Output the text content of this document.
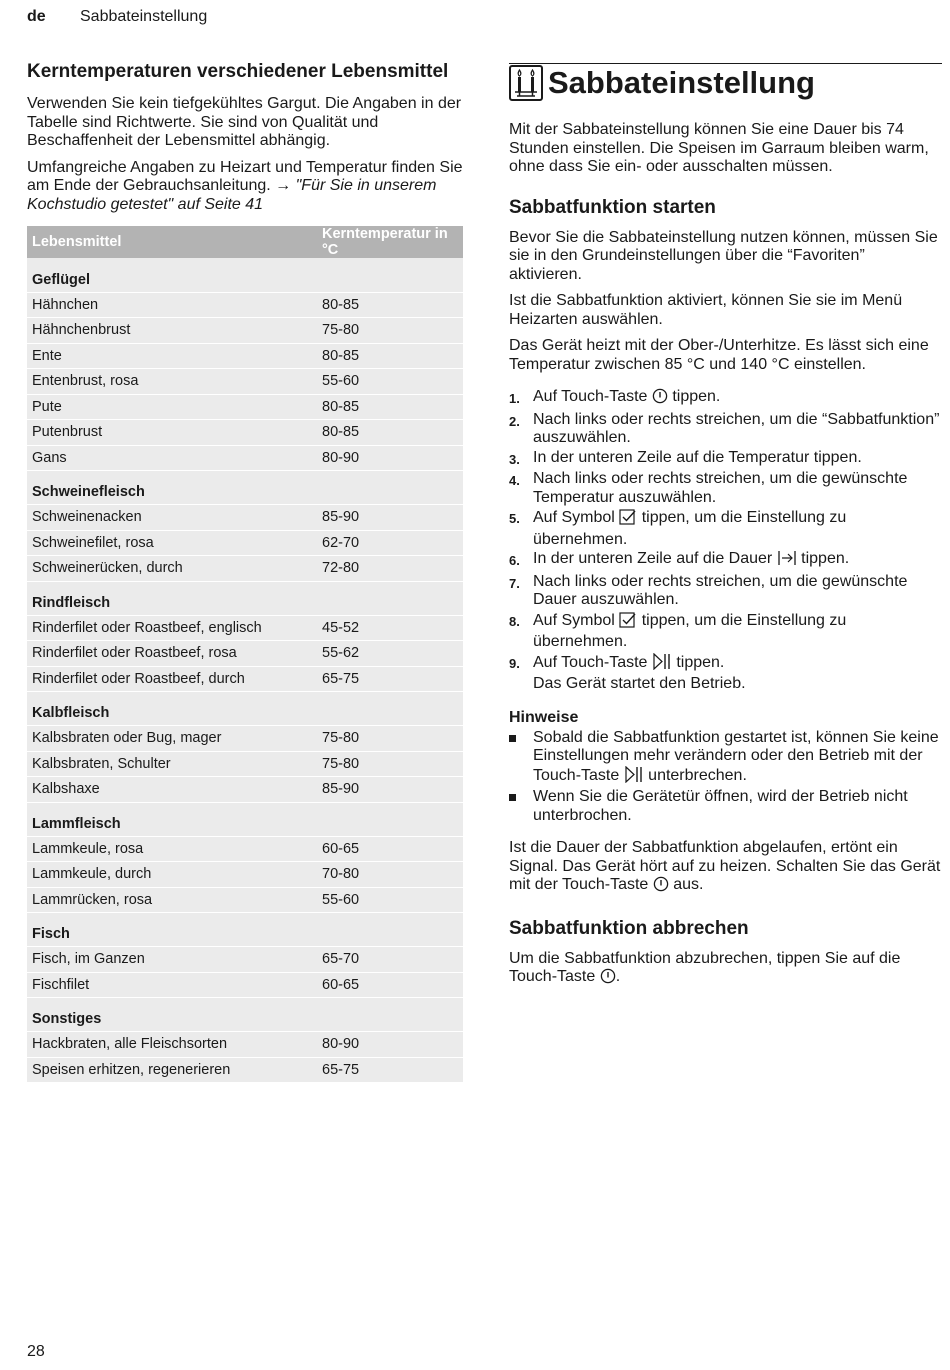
de Sabbateinstellung
Kerntemperaturen verschiedener Lebensmittel

Verwenden Sie kein tiefgekühltes Gargut. Die Angaben in der Tabelle sind Richtwerte. Sie sind von Qualität und Beschaffenheit der Lebensmittel abhängig.

Umfangreiche Angaben zu Heizart und Temperatur finden Sie am Ende der Gebrauchsanleitung. → "Für Sie in unserem Kochstudio getestet" auf Seite 41

Lebensmittel	Kerntemperatur in °C
Geflügel	
Hähnchen	80-85
Hähnchenbrust	75-80
Ente	80-85
Entenbrust, rosa	55-60
Pute	80-85
Putenbrust	80-85
Gans	80-90
Schweinefleisch	
Schweinenacken	85-90
Schweinefilet, rosa	62-70
Schweinerücken, durch	72-80
Rindfleisch	
Rinderfilet oder Roastbeef, englisch	45-52
Rinderfilet oder Roastbeef, rosa	55-62
Rinderfilet oder Roastbeef, durch	65-75
Kalbfleisch	
Kalbsbraten oder Bug, mager	75-80
Kalbsbraten, Schulter	75-80
Kalbshaxe	85-90
Lammfleisch	
Lammkeule, rosa	60-65
Lammkeule, durch	70-80
Lammrücken, rosa	55-60
Fisch	
Fisch, im Ganzen	65-70
Fischfilet	60-65
Sonstiges	
Hackbraten, alle Fleischsorten	80-90
Speisen erhitzen, regenerieren	65-75
Sabbateinstellung

Mit der Sabbateinstellung können Sie eine Dauer bis 74 Stunden einstellen. Die Speisen im Garraum bleiben warm, ohne dass Sie ein- oder ausschalten müssen.

Sabbatfunktion starten

Bevor Sie die Sabbateinstellung nutzen können, müssen Sie sie in den Grundeinstellungen über die “Favoriten” aktivieren.

Ist die Sabbatfunktion aktiviert, können Sie sie im Menü Heizarten auswählen.

Das Gerät heizt mit der Ober-/Unterhitze. Es lässt sich eine Temperatur zwischen 85 °C und 140 °C einstellen.

1. Auf Touch-Taste  tippen.
2. Nach links oder rechts streichen, um die “Sabbatfunktion” auszuwählen.
3. In der unteren Zeile auf die Temperatur tippen.
4. Nach links oder rechts streichen, um die gewünschte Temperatur auszuwählen.
5. Auf Symbol  tippen, um die Einstellung zu übernehmen.
6. In der unteren Zeile auf die Dauer  tippen.
7. Nach links oder rechts streichen, um die gewünschte Dauer auszuwählen.
8. Auf Symbol  tippen, um die Einstellung zu übernehmen.
9. Auf Touch-Taste  tippen.
Das Gerät startet den Betrieb.
Hinweise
Sobald die Sabbatfunktion gestartet ist, können Sie keine Einstellungen mehr verändern oder den Betrieb mit der Touch-Taste  unterbrechen.
Wenn Sie die Gerätetür öffnen, wird der Betrieb nicht unterbrochen.

Ist die Dauer der Sabbatfunktion abgelaufen, ertönt ein Signal. Das Gerät hört auf zu heizen. Schalten Sie das Gerät mit der Touch-Taste  aus.

Sabbatfunktion abbrechen

Um die Sabbatfunktion abzubrechen, tippen Sie auf die Touch-Taste .

28
